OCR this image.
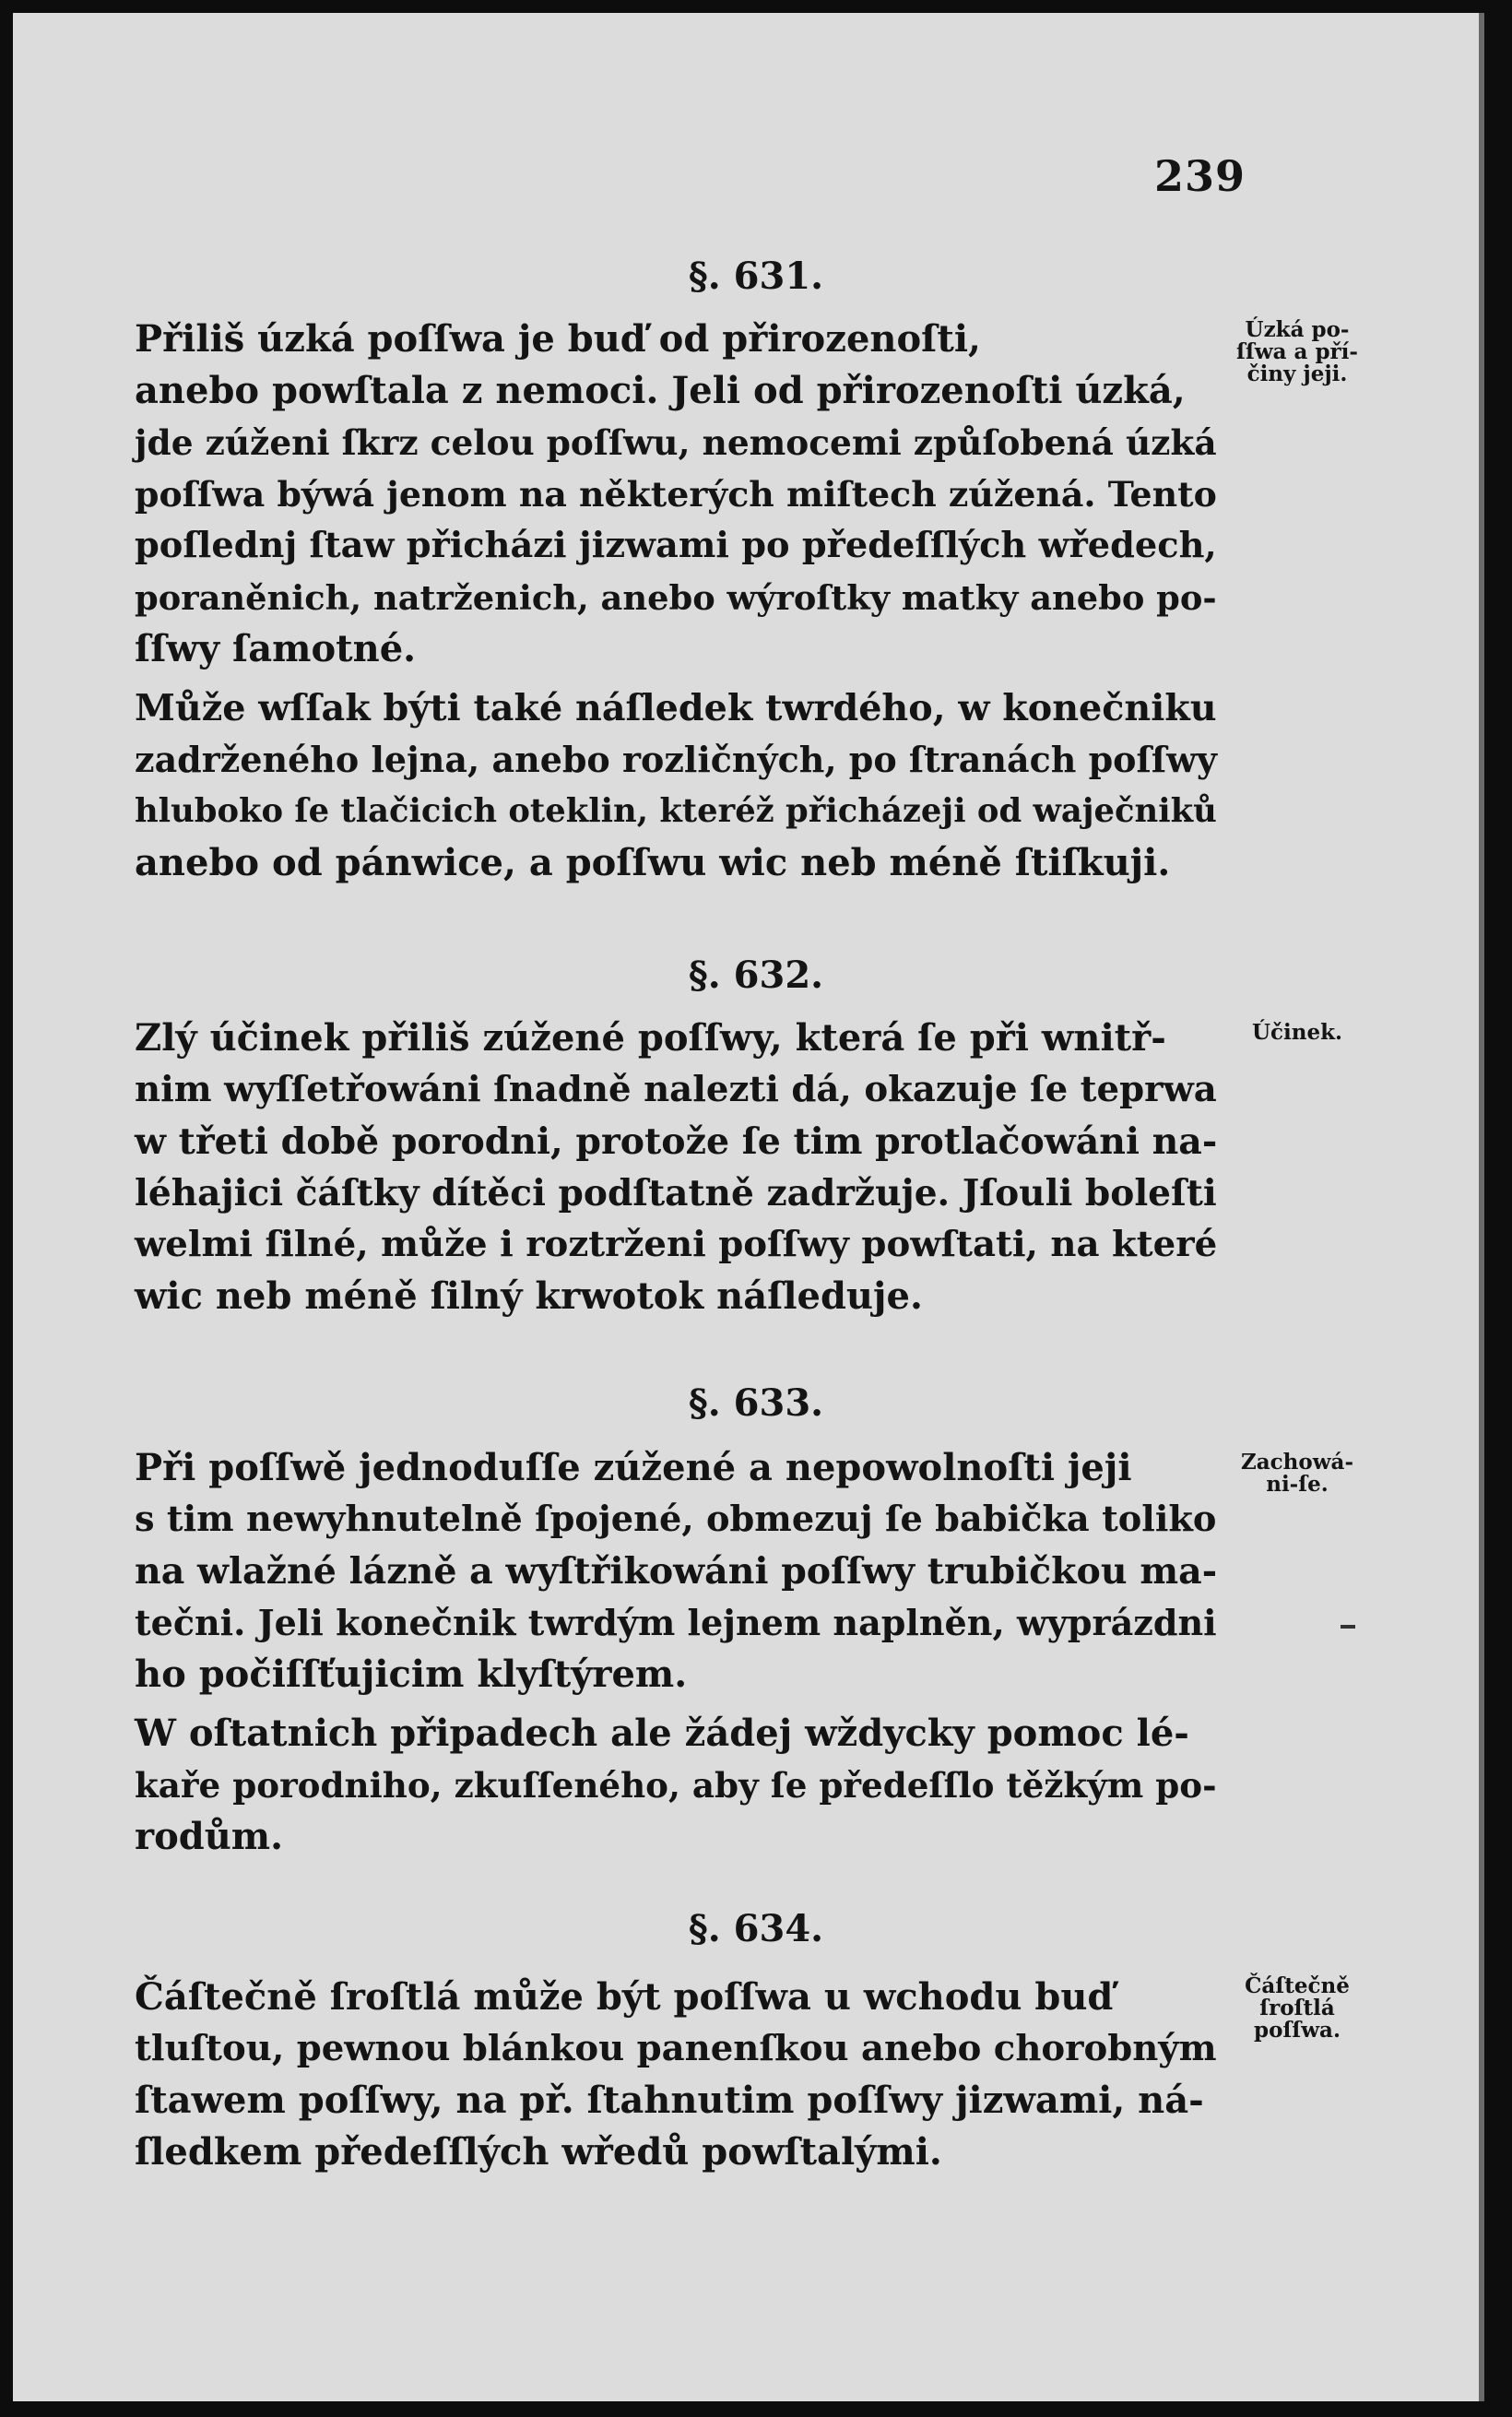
239
§. 631.

Přiliš úzká poſſwa je buď od přirozenoſti,
anebo powſtala z nemoci. Jeli od přirozenoſti úzká,
jde zúženi ſkrz celou poſſwu, nemocemi způſobená úzká
poſſwa býwá jenom na některých miſtech zúžená. Tento
poſlednj ſtaw přicházi jizwami po předeſſlých wředech,
poraněnich, natrženich, anebo wýroſtky matky anebo po-
ſſwy ſamotné.

Může wſſak býti také náſledek twrdého, w konečniku
zadrženého lejna, anebo rozličných, po ſtranách poſſwy
hluboko ſe tlačicich oteklin, kteréž přicházeji od waječniků
anebo od pánwice, a poſſwu wic neb méně ſtiſkuji.

Úzká po-
ſſwa a pří-
činy jeji.

§. 632.

Zlý účinek přiliš zúžené poſſwy, která ſe při wnitř-
nim wyſſetřowáni ſnadně nalezti dá, okazuje ſe teprwa
w třeti době porodni, protože ſe tim protlačowáni na-
léhajici čáſtky dítěci podſtatně zadržuje. Jſouli boleſti
welmi ſilné, může i roztrženi poſſwy powſtati, na které
wic neb méně ſilný krwotok náſleduje.

Účinek.

§. 633.

Při poſſwě jednoduſſe zúžené a nepowolnoſti jeji
s tim newyhnutelně ſpojené, obmezuj ſe babička toliko
na wlažné lázně a wyſtřikowáni poſſwy trubičkou ma-
tečni. Jeli konečnik twrdým lejnem naplněn, wyprázdni
ho počiſſťujicim klyſtýrem.

W oſtatnich připadech ale žádej wždycky pomoc lé-
kaře porodniho, zkuſſeného, aby ſe předeſſlo těžkým po-
rodům.

Zachowá-
ni-ſe.

§. 634.

Čáſtečně ſroſtlá může být poſſwa u wchodu buď
tluſtou, pewnou blánkou panenſkou anebo chorobným
ſtawem poſſwy, na př. ſtahnutim poſſwy jizwami, ná-
ſledkem předeſſlých wředů powſtalými.

Čáſtečně
ſroſtlá
poſſwa.
